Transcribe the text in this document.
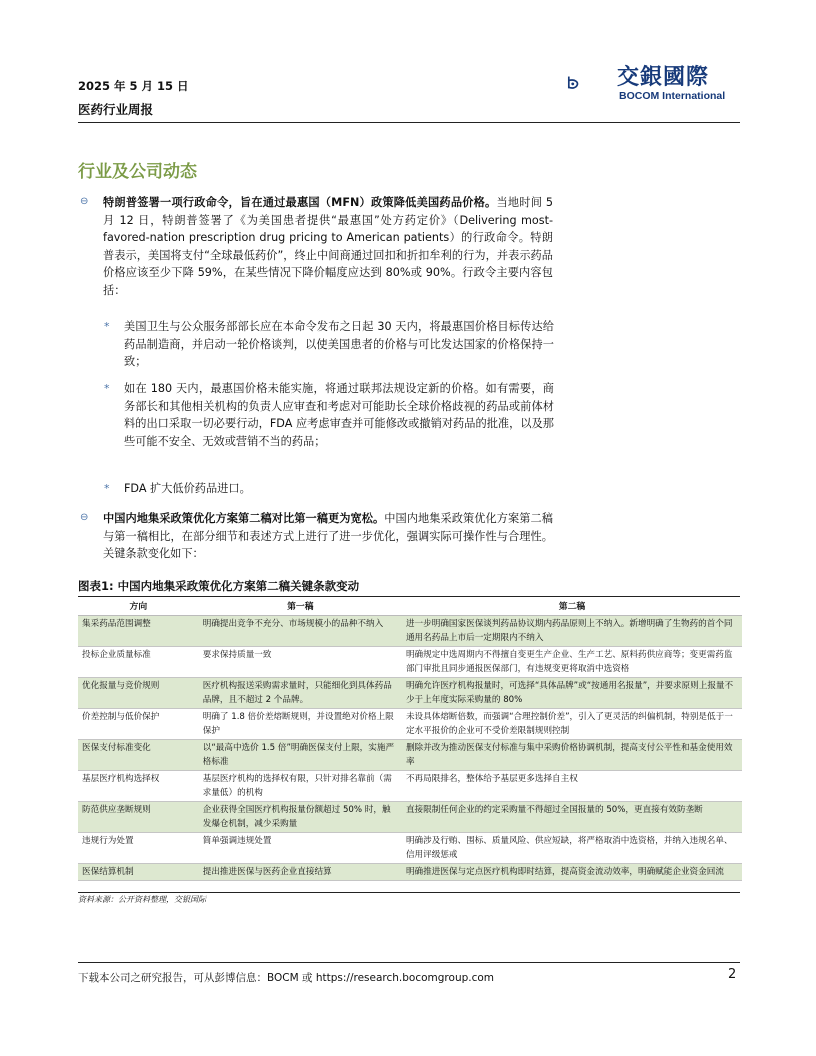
2025 年 5 月 15 日
医药行业周报
交銀國際
BOCOM International
行业及公司动态
⊖ 特朗普签署一项行政命令，旨在通过最惠国（MFN）政策降低美国药品价格。当地时间 5 月 12 日，特朗普签署了《为美国患者提供“最惠国”处方药定价》（Delivering most-favored-nation prescription drug pricing to American patients）的行政命令。特朗普表示，美国将支付“全球最低药价”，终止中间商通过回扣和折扣牟利的行为，并表示药品价格应该至少下降 59%，在某些情况下降价幅度应达到 80%或 90%。行政令主要内容包括：
* 美国卫生与公众服务部部长应在本命令发布之日起 30 天内，将最惠国价格目标传达给药品制造商，并启动一轮价格谈判，以使美国患者的价格与可比发达国家的价格保持一致；
* 如在 180 天内，最惠国价格未能实施，将通过联邦法规设定新的价格。如有需要，商务部长和其他相关机构的负责人应审查和考虑对可能助长全球价格歧视的药品或前体材料的出口采取一切必要行动，FDA 应考虑审查并可能修改或撤销对药品的批准，以及那些可能不安全、无效或营销不当的药品；
* FDA 扩大低价药品进口。
⊖ 中国内地集采政策优化方案第二稿对比第一稿更为宽松。中国内地集采政策优化方案第二稿与第一稿相比，在部分细节和表述方式上进行了进一步优化，强调实际可操作性与合理性。关键条款变化如下：
图表1: 中国内地集采政策优化方案第二稿关键条款变动
方向	第一稿	第二稿
集采药品范围调整	明确提出竞争不充分、市场规模小的品种不纳入	进一步明确国家医保谈判药品协议期内药品原则上不纳入。新增明确了生物药的首个同通用名药品上市后一定期限内不纳入
投标企业质量标准	要求保持质量一致	明确规定中选周期内不得擅自变更生产企业、生产工艺、原料药供应商等；变更需药监部门审批且同步通报医保部门，有违规变更将取消中选资格
优化报量与竞价规则	医疗机构报送采购需求量时，只能细化到具体药品品牌，且不超过 2 个品牌。	明确允许医疗机构报量时，可选择“具体品牌”或“按通用名报量”，并要求原则上报量不少于上年度实际采购量的 80%
价差控制与低价保护	明确了 1.8 倍价差熔断规则，并设置绝对价格上限保护	未设具体熔断倍数，而强调“合理控制价差”，引入了更灵活的纠偏机制，特别是低于一定水平报价的企业可不受价差限制规则控制
医保支付标准变化	以“最高中选价 1.5 倍”明确医保支付上限，实施严格标准	删除并改为推动医保支付标准与集中采购价格协调机制，提高支付公平性和基金使用效率
基层医疗机构选择权	基层医疗机构的选择权有限，只针对排名靠前（需求量低）的机构	不再局限排名，整体给予基层更多选择自主权
防范供应垄断规则	企业获得全国医疗机构报量份额超过 50% 时，触发爆仓机制，减少采购量	直接限制任何企业的约定采购量不得超过全国报量的 50%，更直接有效防垄断
违规行为处置	简单强调违规处置	明确涉及行贿、围标、质量风险、供应短缺，将严格取消中选资格，并纳入违规名单、信用评级惩戒
医保结算机制	提出推进医保与医药企业直接结算	明确推进医保与定点医疗机构即时结算，提高资金流动效率，明确赋能企业资金回流
资料来源：公开资料整理，交银国际
下载本公司之研究报告，可从彭博信息：BOCM 或 https://research.bocomgroup.com	2
